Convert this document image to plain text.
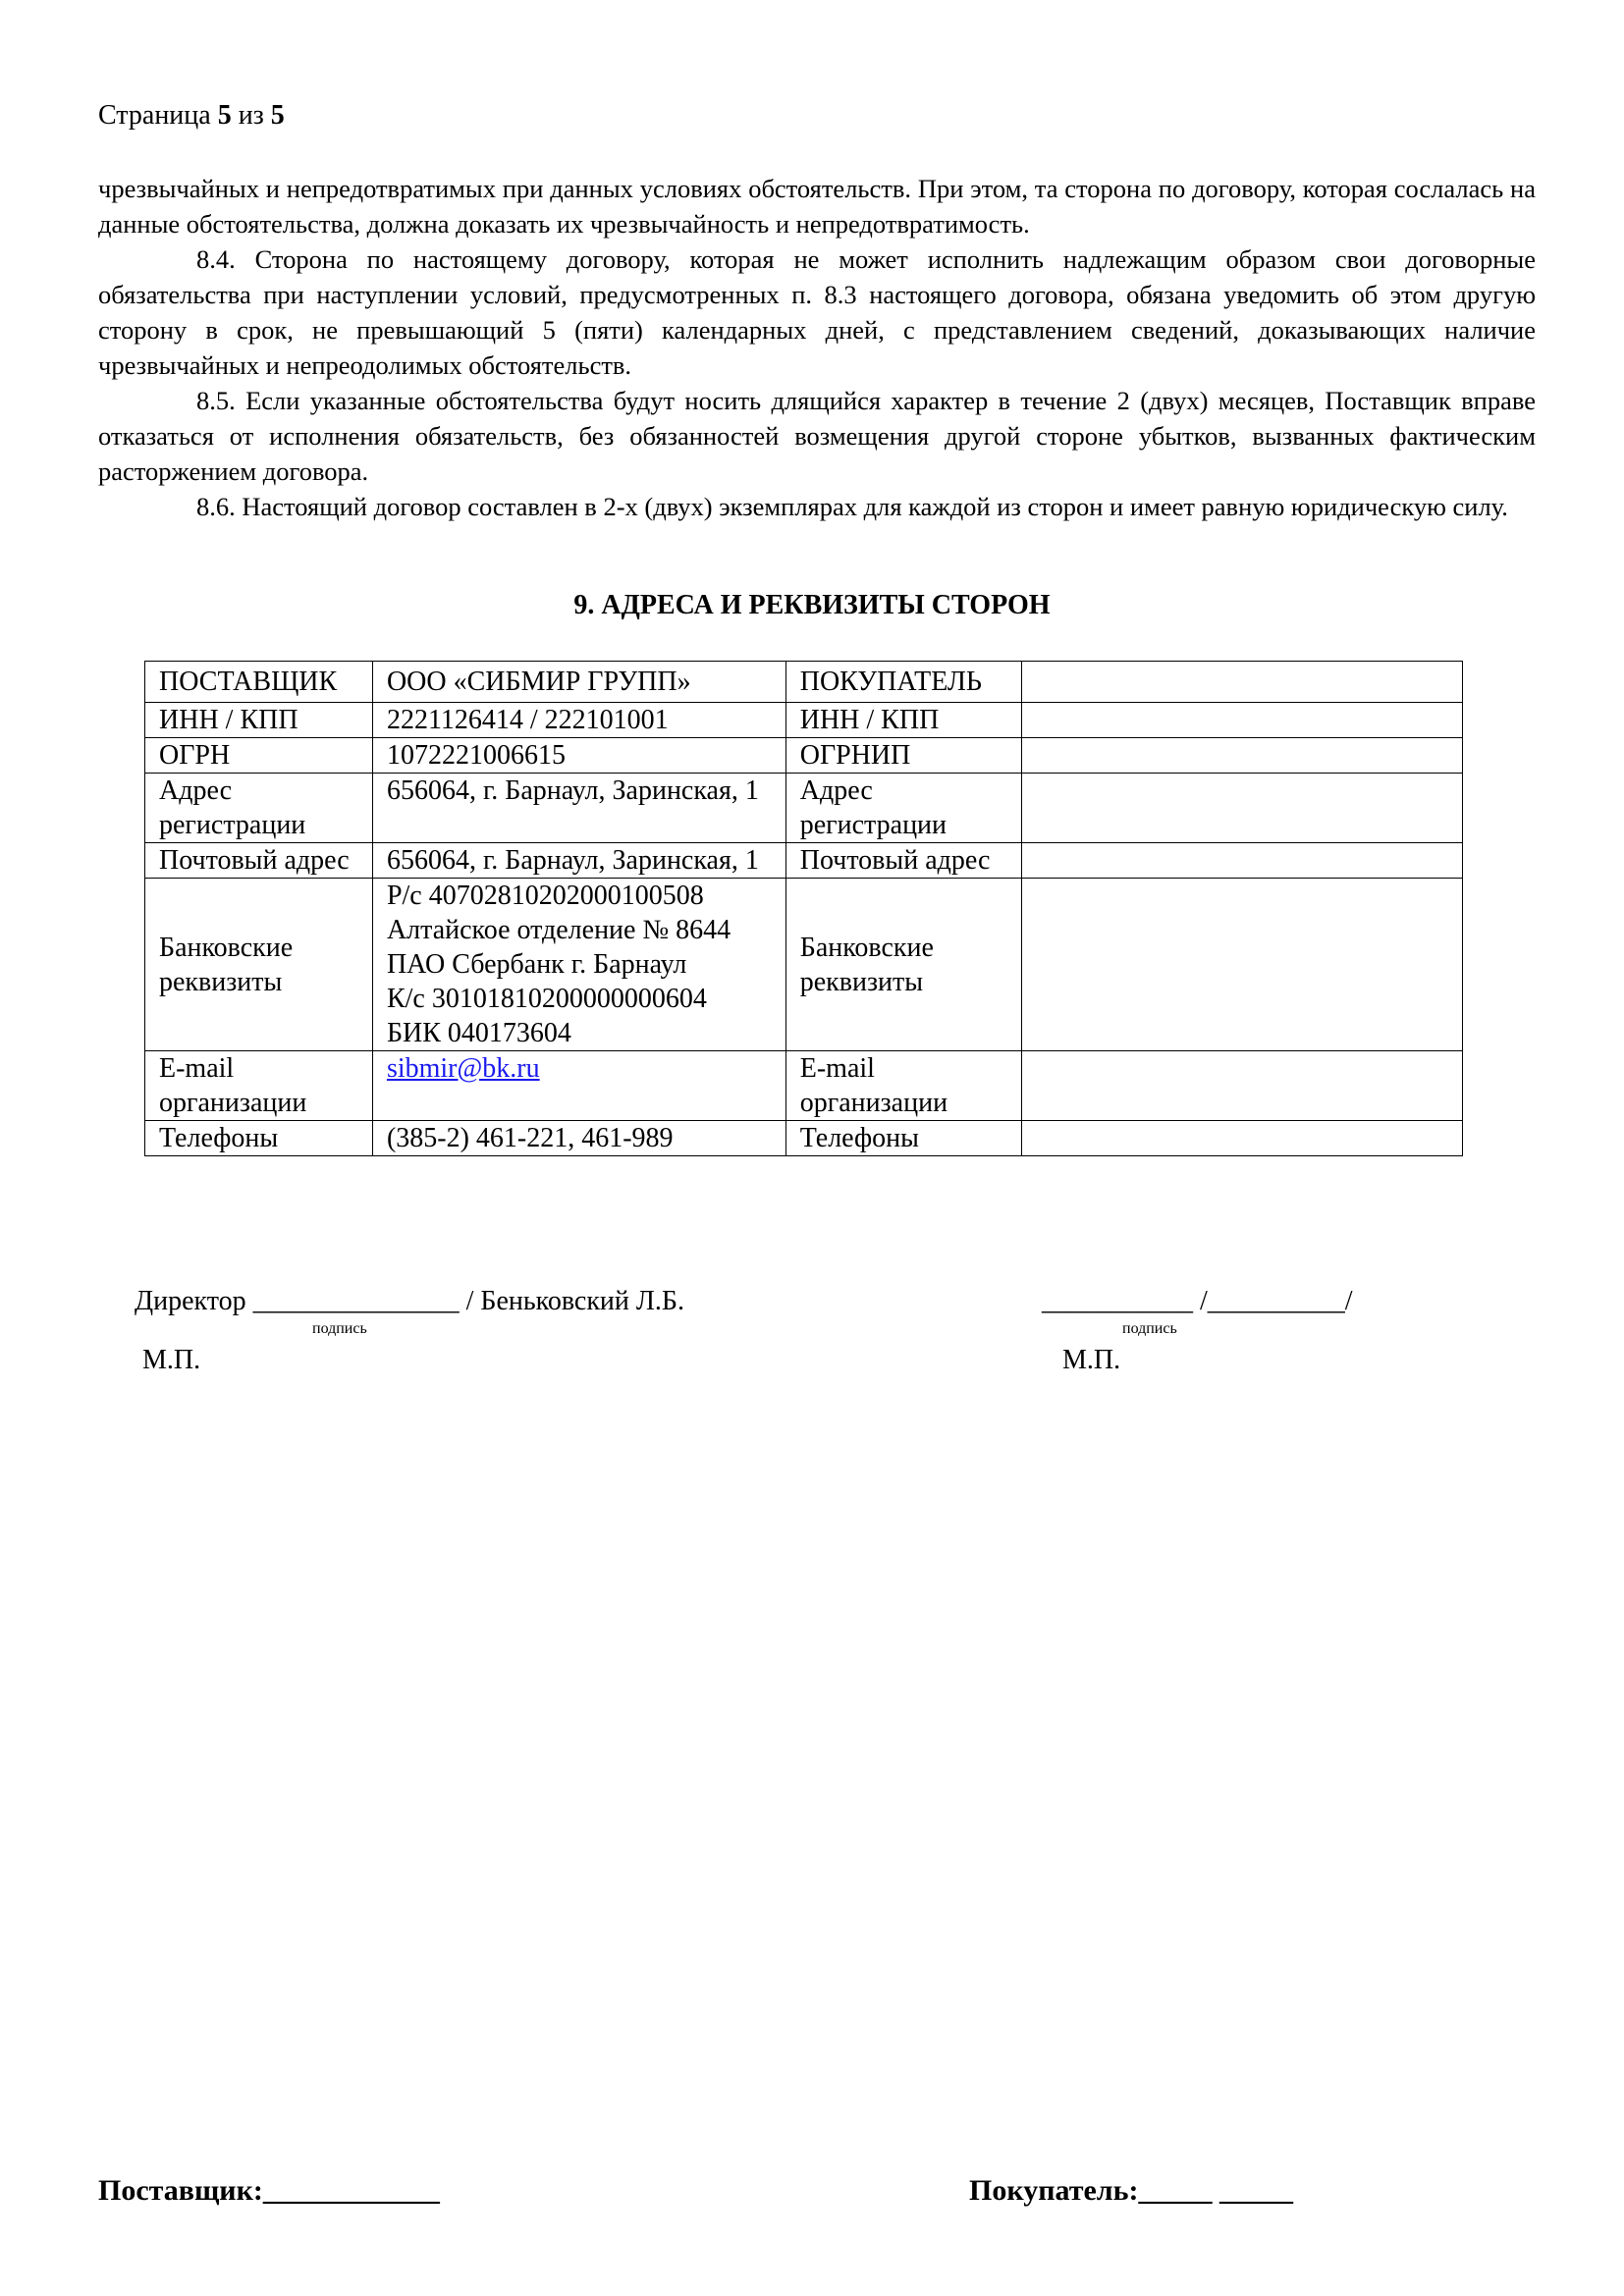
Страница 5 из 5

чрезвычайных и непредотвратимых при данных условиях обстоятельств. При этом, та сторона по договору, которая сослалась на данные обстоятельства, должна доказать их чрезвычайность и непредотвратимость.

8.4. Сторона по настоящему договору, которая не может исполнить надлежащим образом свои договорные обязательства при наступлении условий, предусмотренных п. 8.3 настоящего договора, обязана уведомить об этом другую сторону в срок, не превышающий 5 (пяти) календарных дней, с представлением сведений, доказывающих наличие чрезвычайных и непреодолимых обстоятельств.

8.5. Если указанные обстоятельства будут носить длящийся характер в течение 2 (двух) месяцев, Поставщик вправе отказаться от исполнения обязательств, без обязанностей возмещения другой стороне убытков, вызванных фактическим расторжением договора.

8.6. Настоящий договор составлен в 2-х (двух) экземплярах для каждой из сторон и имеет равную юридическую силу.

9. АДРЕСА И РЕКВИЗИТЫ СТОРОН
ПОСТАВЩИК	ООО «СИБМИР ГРУПП»	ПОКУПАТЕЛЬ	
ИНН / КПП	2221126414 / 222101001	ИНН / КПП	
ОГРН	1072221006615	ОГРНИП	
Адрес регистрации	656064, г. Барнаул, Заринская, 1	Адрес регистрации	
Почтовый адрес	656064, г. Барнаул, Заринская, 1	Почтовый адрес	
Банковские реквизиты	Р/с 40702810202000100508
Алтайское отделение № 8644
ПАО Сбербанк г. Барнаул
К/с 30101810200000000604
БИК 040173604	Банковские реквизиты	
E-mail организации	sibmir@bk.ru	E-mail организации	
Телефоны	(385-2) 461-221, 461-989	Телефоны	
Директор _______________ / Беньковский Л.Б.
подпись
М.П.
___________ /__________/
подпись
М.П.
Поставщик:____________	Покупатель:_____ _____
